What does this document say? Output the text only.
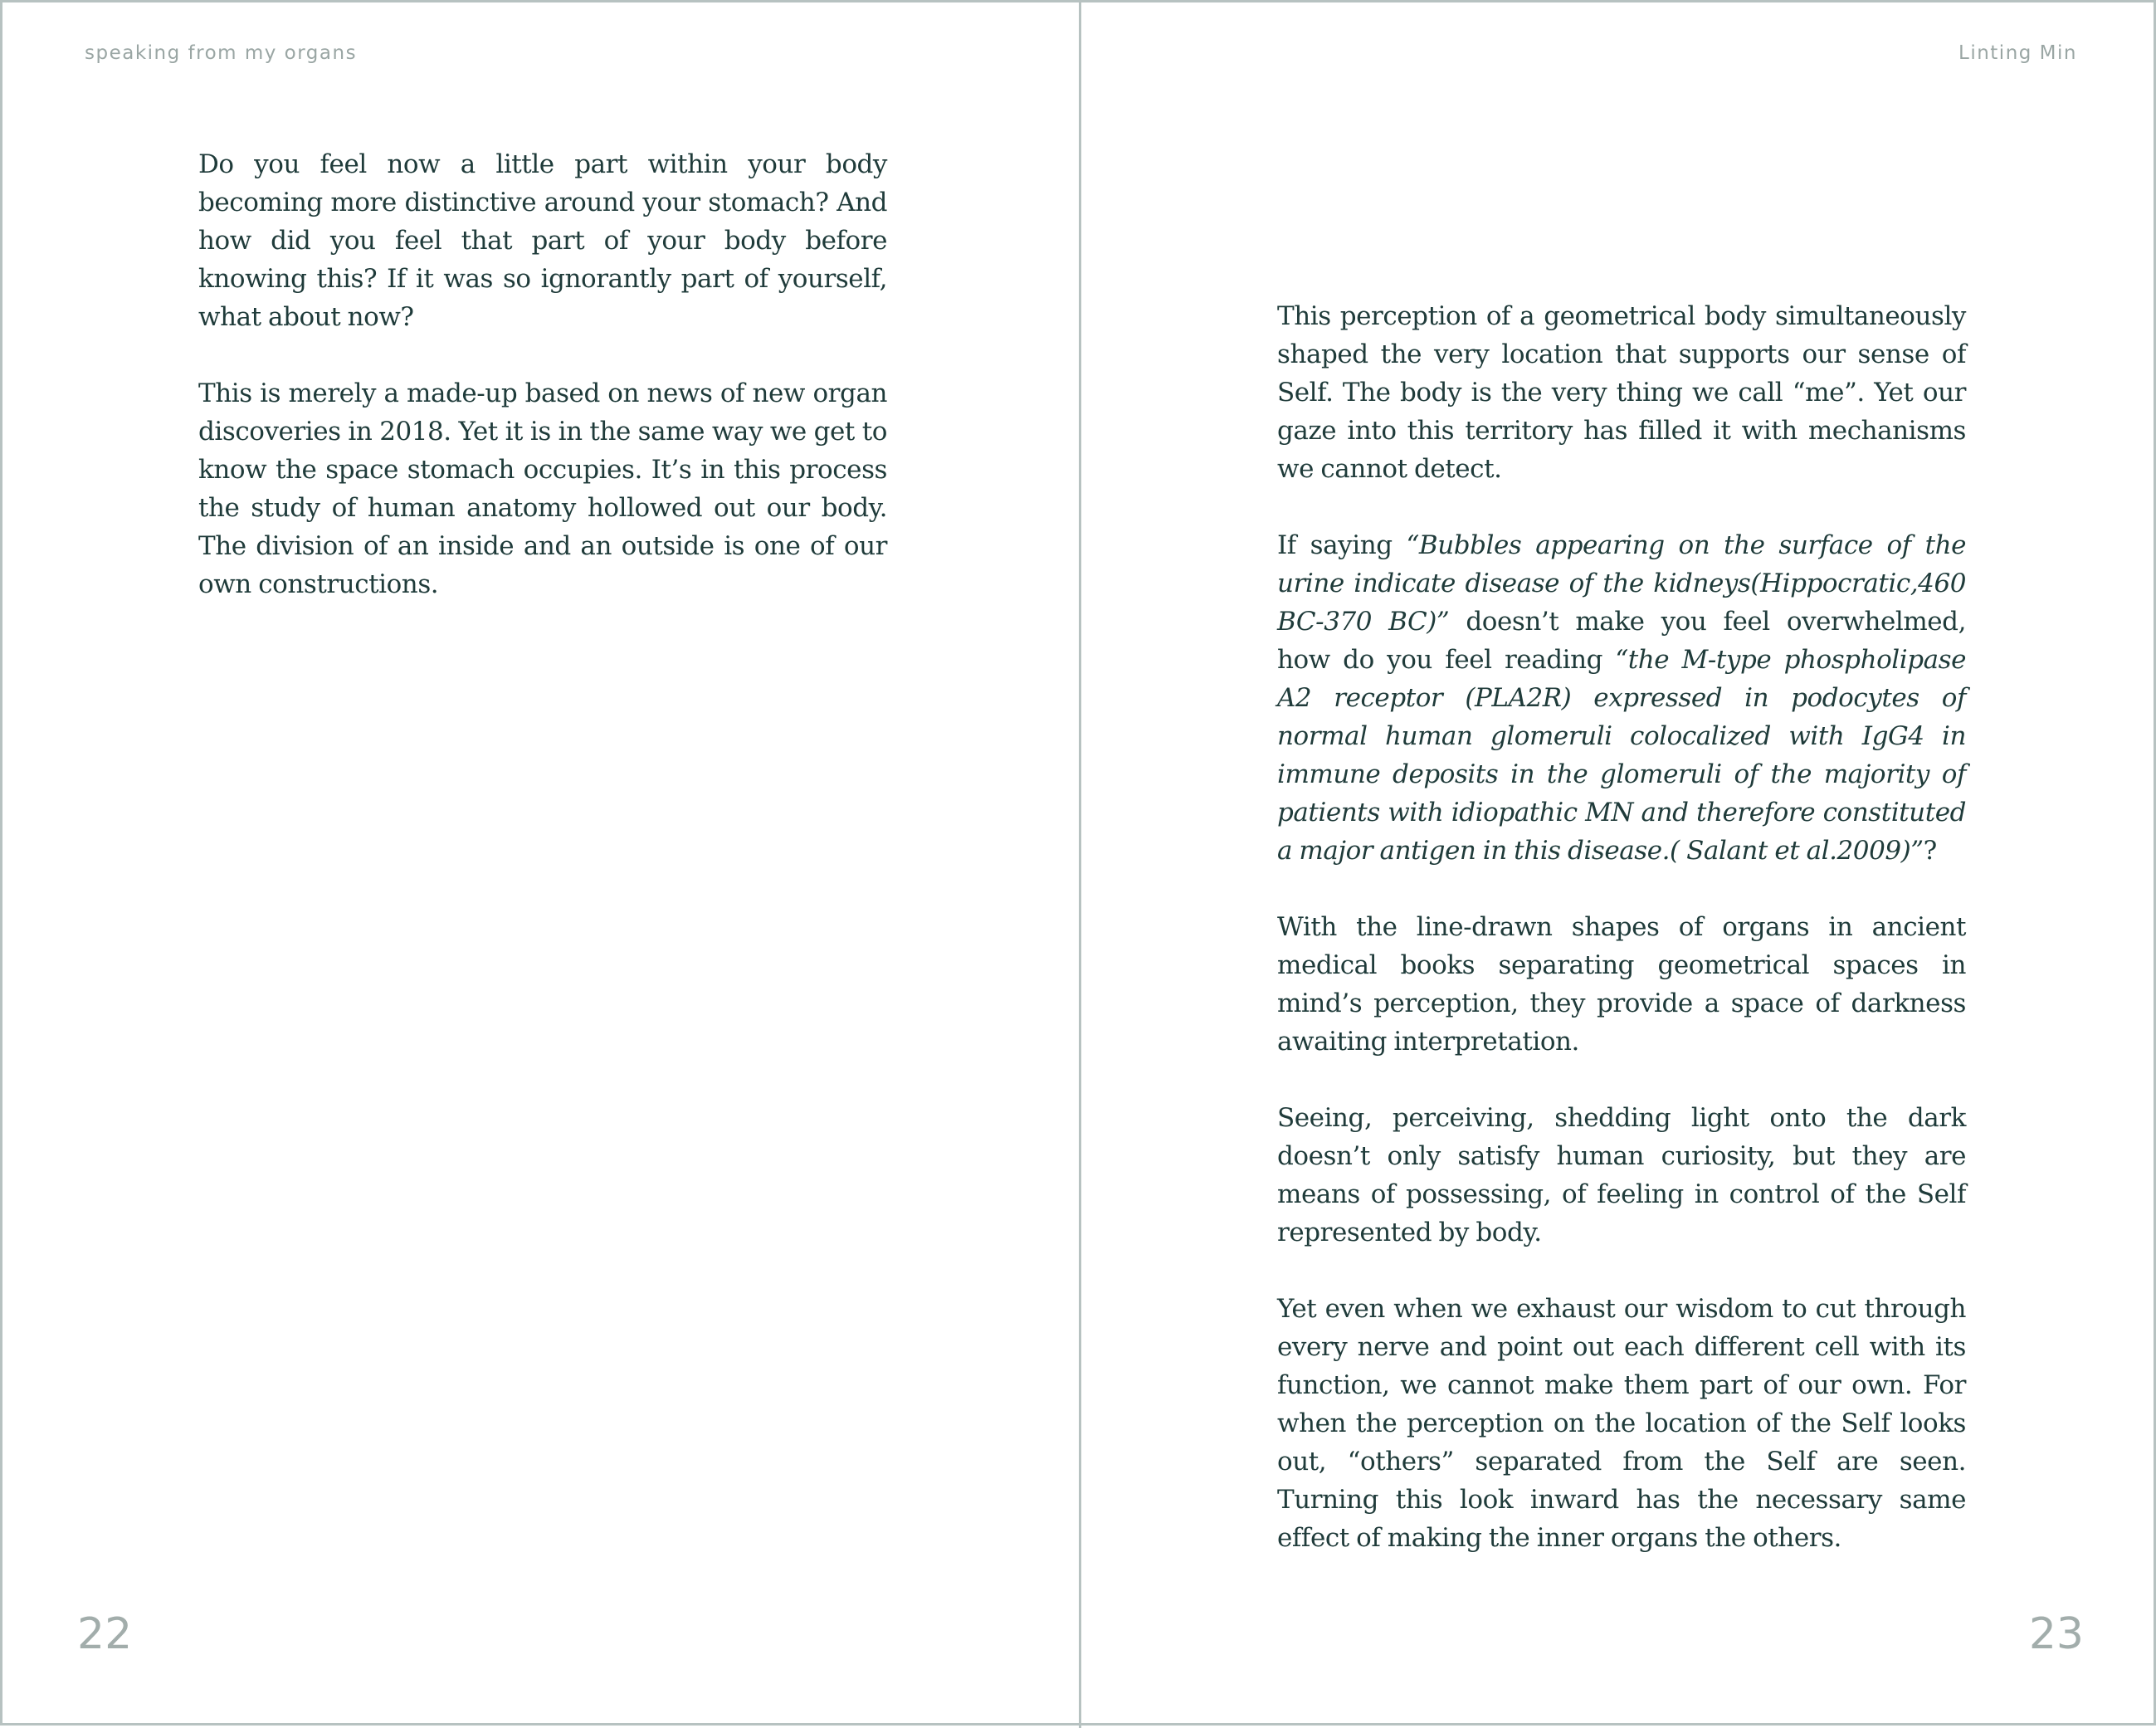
speaking from my organs

Do you feel now a little part within your body becoming more distinctive around your stomach? And how did you feel that part of your body before knowing this? If it was so ignorantly part of yourself, what about now?

This is merely a made-up based on news of new organ discoveries in 2018. Yet it is in the same way we get to know the space stomach occupies. It’s in this process the study of human anatomy hollowed out our body. The division of an inside and an outside is one of our own constructions.

22
Linting Min

This perception of a geometrical body simultaneously shaped the very location that supports our sense of Self. The body is the very thing we call “me”. Yet our gaze into this territory has filled it with mechanisms we cannot detect.

If saying “Bubbles appearing on the surface of the urine indicate disease of the kidneys(Hippocratic,460 BC-370 BC)” doesn’t make you feel overwhelmed, how do you feel reading “the M-type phospholipase A2 receptor (PLA2R) expressed in podocytes of normal human glomeruli colocalized with IgG4 in immune deposits in the glomeruli of the majority of patients with idiopathic MN and therefore constituted a major antigen in this disease.( Salant et al.2009)”?

With the line-drawn shapes of organs in ancient medical books separating geometrical spaces in mind’s perception, they provide a space of darkness awaiting interpretation.

Seeing, perceiving, shedding light onto the dark doesn’t only satisfy human curiosity, but they are means of possessing, of feeling in control of the Self represented by body.

Yet even when we exhaust our wisdom to cut through every nerve and point out each different cell with its function, we cannot make them part of our own. For when the perception on the location of the Self looks out, “others” separated from the Self are seen. Turning this look inward has the necessary same effect of making the inner organs the others.

23
